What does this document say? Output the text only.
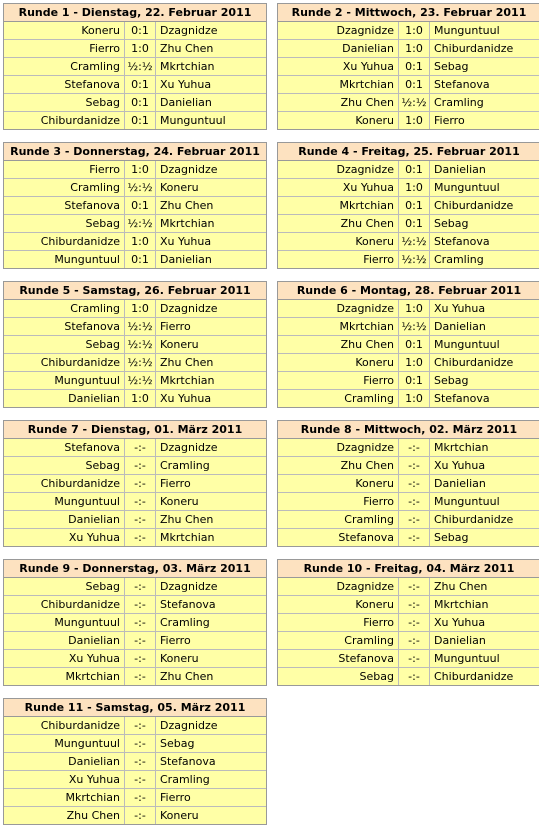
Runde 1 - Dienstag, 22. Februar 2011
Koneru	0:1	Dzagnidze
Fierro	1:0	Zhu Chen
Cramling ½:½ Mkrtchian
Stefanova	0:1	Xu Yuhua
Sebag	0:1	Danielian
Chiburdanidze	0:1	Munguntuul
Runde 2 - Mittwoch, 23. Februar 2011
Dzagnidze	1:0	Munguntuul
Danielian	1:0	Chiburdanidze
Xu Yuhua	0:1	Sebag
Mkrtchian	0:1	Stefanova
Zhu Chen ½:½ Cramling
Koneru	1:0	Fierro
Runde 3 - Donnerstag, 24. Februar 2011
Fierro	1:0	Dzagnidze
Cramling ½:½ Koneru
Stefanova	0:1	Zhu Chen
Sebag ½:½ Mkrtchian
Chiburdanidze	1:0	Xu Yuhua
Munguntuul	0:1	Danielian
Runde 4 - Freitag, 25. Februar 2011
Dzagnidze	0:1	Danielian
Xu Yuhua	1:0	Munguntuul
Mkrtchian	0:1	Chiburdanidze
Zhu Chen	0:1	Sebag
Koneru ½:½ Stefanova
Fierro ½:½ Cramling
Runde 5 - Samstag, 26. Februar 2011
Cramling	1:0	Dzagnidze
Stefanova ½:½ Fierro
Sebag ½:½ Koneru
Chiburdanidze ½:½ Zhu Chen
Munguntuul ½:½ Mkrtchian
Danielian	1:0	Xu Yuhua
Runde 6 - Montag, 28. Februar 2011
Dzagnidze	1:0	Xu Yuhua
Mkrtchian ½:½ Danielian
Zhu Chen	0:1	Munguntuul
Koneru	1:0	Chiburdanidze
Fierro	0:1	Sebag
Cramling	1:0	Stefanova
Runde 7 - Dienstag, 01. März 2011
Stefanova	-:-	Dzagnidze
Sebag	-:-	Cramling
Chiburdanidze	-:-	Fierro
Munguntuul	-:-	Koneru
Danielian	-:-	Zhu Chen
Xu Yuhua	-:-	Mkrtchian
Runde 8 - Mittwoch, 02. März 2011
Dzagnidze	-:-	Mkrtchian
Zhu Chen	-:-	Xu Yuhua
Koneru	-:-	Danielian
Fierro	-:-	Munguntuul
Cramling	-:-	Chiburdanidze
Stefanova	-:-	Sebag
Runde 9 - Donnerstag, 03. März 2011
Sebag	-:-	Dzagnidze
Chiburdanidze	-:-	Stefanova
Munguntuul	-:-	Cramling
Danielian	-:-	Fierro
Xu Yuhua	-:-	Koneru
Mkrtchian	-:-	Zhu Chen
Runde 10 - Freitag, 04. März 2011
Dzagnidze	-:-	Zhu Chen
Koneru	-:-	Mkrtchian
Fierro	-:-	Xu Yuhua
Cramling	-:-	Danielian
Stefanova	-:-	Munguntuul
Sebag	-:-	Chiburdanidze
Runde 11 - Samstag, 05. März 2011
Chiburdanidze	-:-	Dzagnidze
Munguntuul	-:-	Sebag
Danielian	-:-	Stefanova
Xu Yuhua	-:-	Cramling
Mkrtchian	-:-	Fierro
Zhu Chen	-:-	Koneru
